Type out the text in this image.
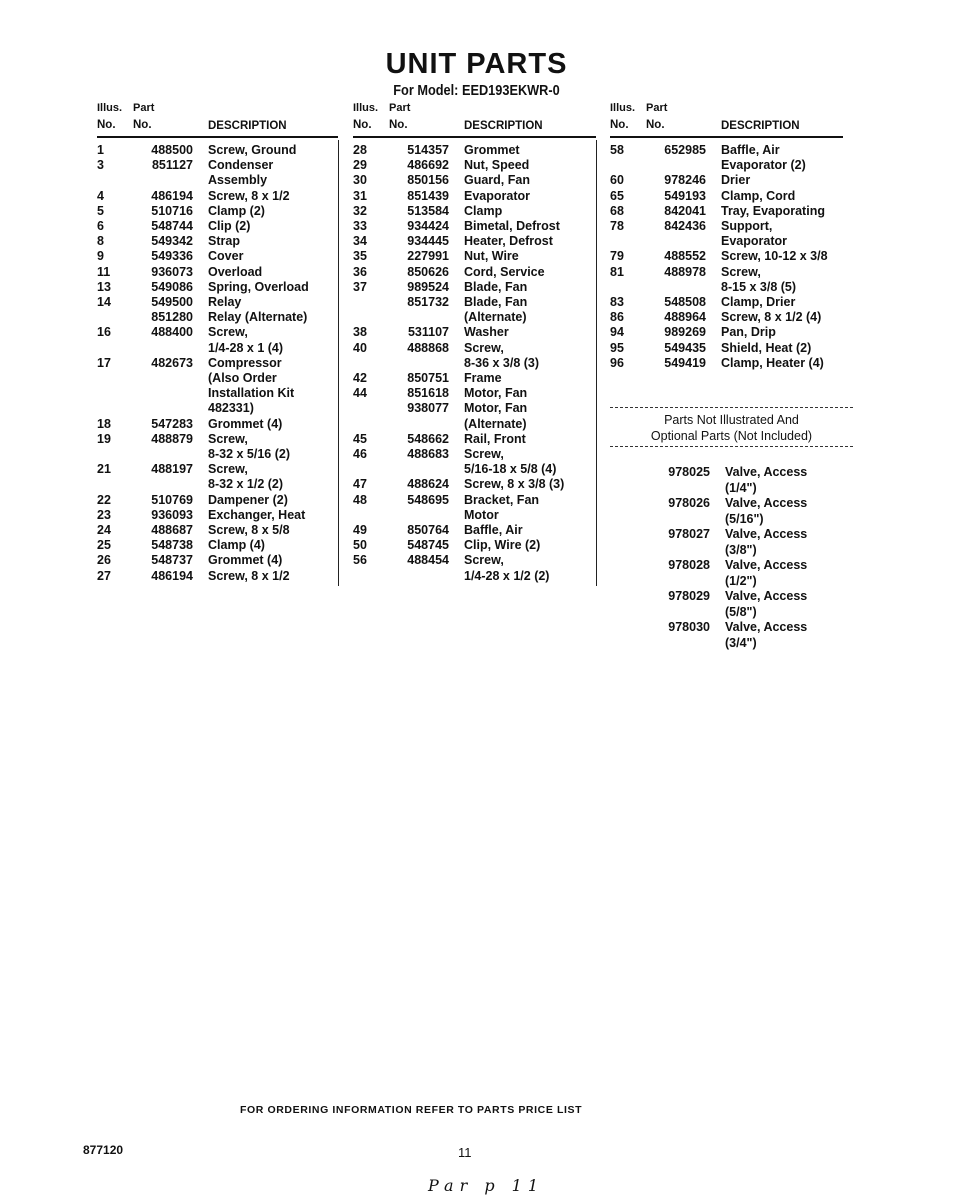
UNIT PARTS
For Model: EED193EKWR-0
Illus. Part
No. No.	DESCRIPTION
1	488500	Screw, Ground
3	851127	Condenser
Assembly
4	486194	Screw, 8 x 1/2
5	510716	Clamp (2)
6	548744	Clip (2)
8	549342	Strap
9	549336	Cover
11	936073	Overload
13	549086	Spring, Overload
14	549500	Relay
851280	Relay (Alternate)
16	488400	Screw,
1/4-28 x 1 (4)
17	482673	Compressor
(Also Order
Installation Kit
482331)
18	547283	Grommet (4)
19	488879	Screw,
8-32 x 5/16 (2)
21	488197	Screw,
8-32 x 1/2 (2)
22	510769	Dampener (2)
23	936093	Exchanger, Heat
24	488687	Screw, 8 x 5/8
25	548738	Clamp (4)
26	548737	Grommet (4)
27	486194	Screw, 8 x 1/2
Illus. Part
No. No.	DESCRIPTION
28	514357	Grommet
29	486692	Nut, Speed
30	850156	Guard, Fan
31	851439	Evaporator
32	513584	Clamp
33	934424	Bimetal, Defrost
34	934445	Heater, Defrost
35	227991	Nut, Wire
36	850626	Cord, Service
37	989524	Blade, Fan
851732	Blade, Fan
(Alternate)
38	531107	Washer
40	488868	Screw,
8-36 x 3/8 (3)
42	850751	Frame
44	851618	Motor, Fan
938077	Motor, Fan
(Alternate)
45	548662	Rail, Front
46	488683	Screw,
5/16-18 x 5/8 (4)
47	488624	Screw, 8 x 3/8 (3)
48	548695	Bracket, Fan
Motor
49	850764	Baffle, Air
50	548745	Clip, Wire (2)
56	488454	Screw,
1/4-28 x 1/2 (2)
Illus. Part
No. No.	DESCRIPTION
58	652985	Baffle, Air
Evaporator (2)
60	978246	Drier
65	549193	Clamp, Cord
68	842041	Tray, Evaporating
78	842436	Support,
Evaporator
79	488552	Screw, 10-12 x 3/8
81	488978	Screw,
8-15 x 3/8 (5)
83	548508	Clamp, Drier
86	488964	Screw, 8 x 1/2 (4)
94	989269	Pan, Drip
95	549435	Shield, Heat (2)
96	549419	Clamp, Heater (4)
Parts Not Illustrated And
Optional Parts (Not Included)
978025	Valve, Access
(1/4")
978026	Valve, Access
(5/16")
978027	Valve, Access
(3/8")
978028	Valve, Access
(1/2")
978029	Valve, Access
(5/8")
978030	Valve, Access
(3/4")
FOR ORDERING INFORMATION REFER TO PARTS PRICE LIST
877120	11
Par p 11
